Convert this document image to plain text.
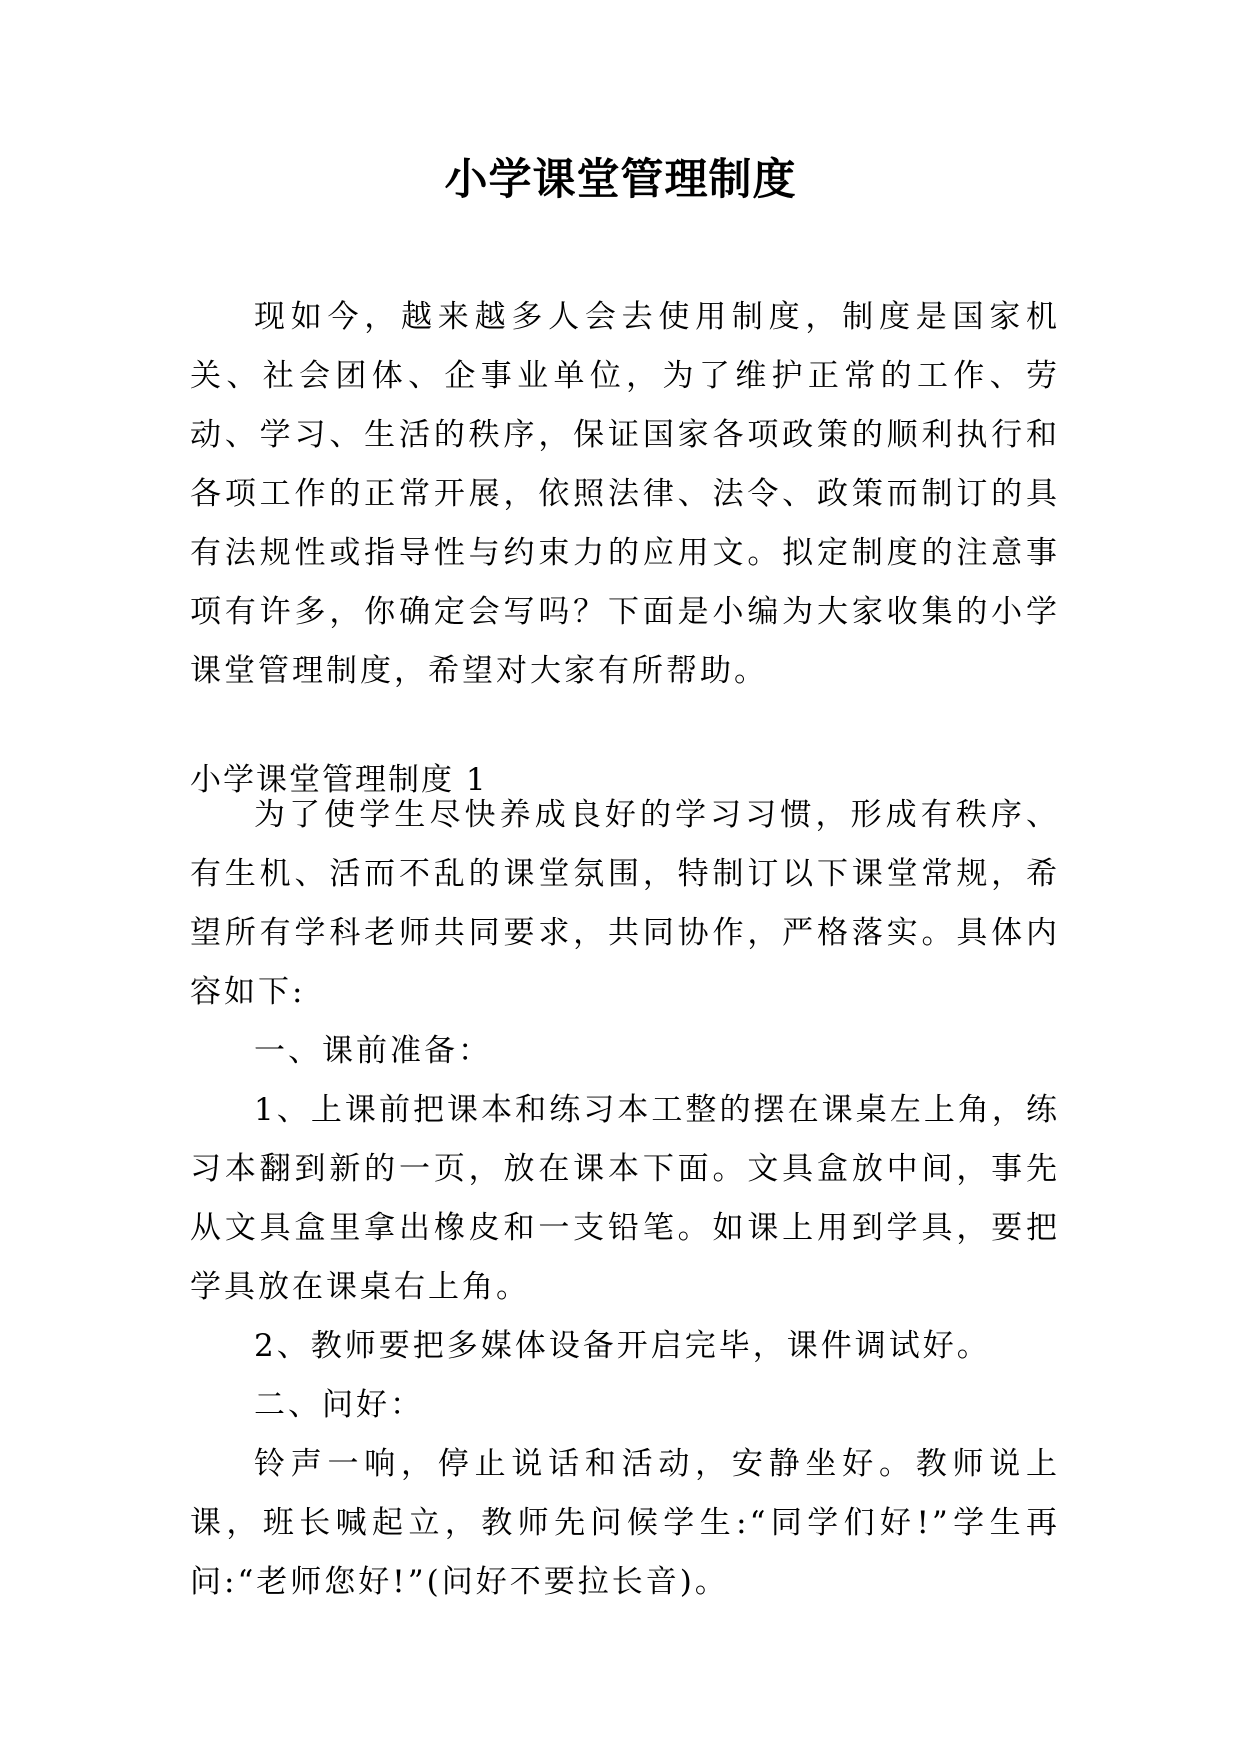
小学课堂管理制度

现如今，越来越多人会去使用制度，制度是国家机关、社会团体、企事业单位，为了维护正常的工作、劳动、学习、生活的秩序，保证国家各项政策的顺利执行和各项工作的正常开展，依照法律、法令、政策而制订的具有法规性或指导性与约束力的应用文。拟定制度的注意事项有许多，你确定会写吗？下面是小编为大家收集的小学课堂管理制度，希望对大家有所帮助。

小学课堂管理制度 1

为了使学生尽快养成良好的学习习惯，形成有秩序、有生机、活而不乱的课堂氛围，特制订以下课堂常规，希望所有学科老师共同要求，共同协作，严格落实。具体内容如下:

一、课前准备：

1、上课前把课本和练习本工整的摆在课桌左上角，练习本翻到新的一页，放在课本下面。文具盒放中间，事先从文具盒里拿出橡皮和一支铅笔。如课上用到学具，要把学具放在课桌右上角。

2、教师要把多媒体设备开启完毕，课件调试好。

二、问好：

铃声一响，停止说话和活动，安静坐好。教师说上课，班长喊起立，教师先问候学生:“同学们好!”学生再问:“老师您好!”(问好不要拉长音)。
